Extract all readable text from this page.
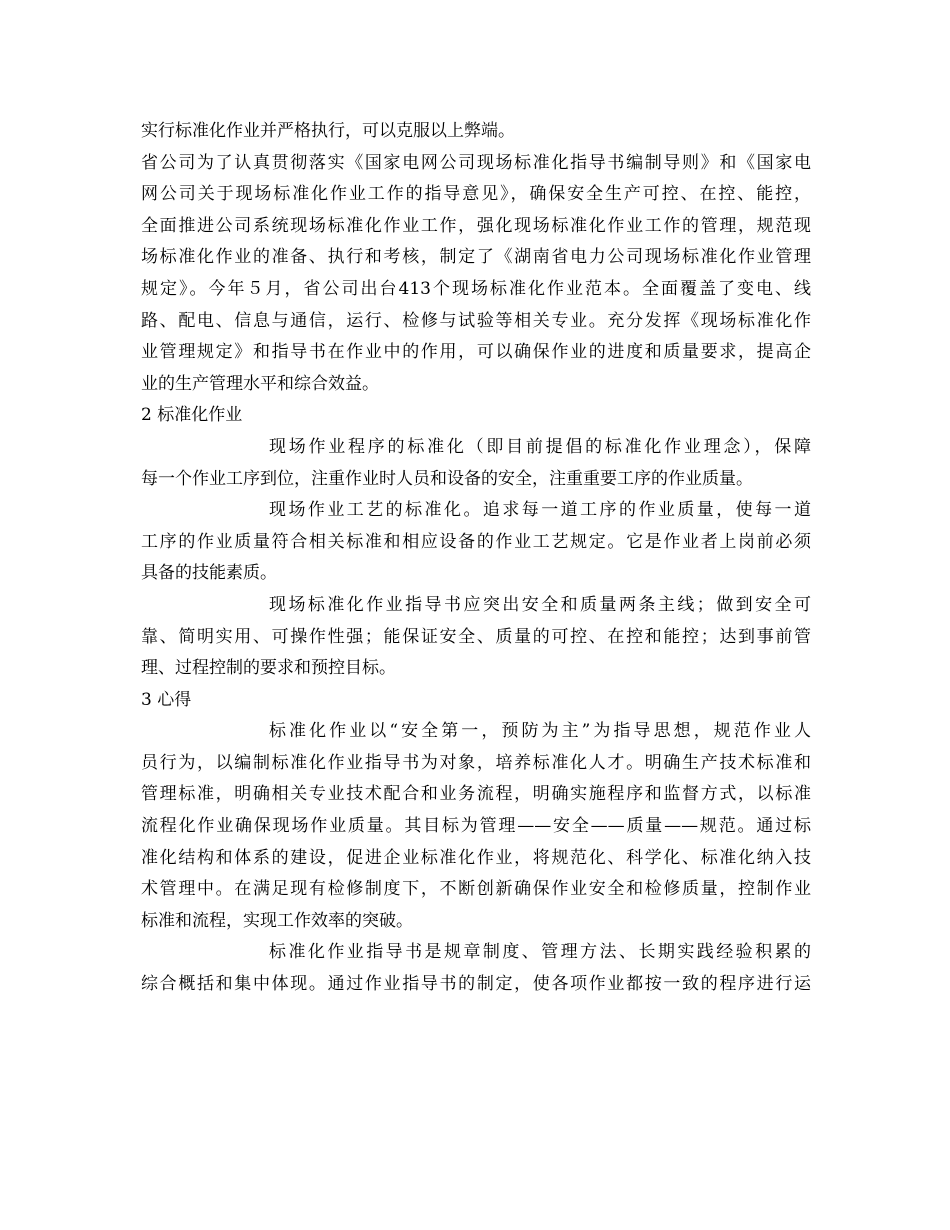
实行标准化作业并严格执行，可以克服以上弊端。
省公司为了认真贯彻落实《国家电网公司现场标准化指导书编制导则》和《国家电
网公司关于现场标准化作业工作的指导意见》，确保安全生产可控、在控、能控，
全面推进公司系统现场标准化作业工作，强化现场标准化作业工作的管理，规范现
场标准化作业的准备、执行和考核，制定了《湖南省电力公司现场标准化作业管理
规定》。今年５月，省公司出台413个现场标准化作业范本。全面覆盖了变电、线
路、配电、信息与通信，运行、检修与试验等相关专业。充分发挥《现场标准化作
业管理规定》和指导书在作业中的作用，可以确保作业的进度和质量要求，提高企
业的生产管理水平和综合效益。
2 标准化作业
现场作业程序的标准化（即目前提倡的标准化作业理念），保障
每一个作业工序到位，注重作业时人员和设备的安全，注重重要工序的作业质量。
现场作业工艺的标准化。追求每一道工序的作业质量，使每一道
工序的作业质量符合相关标准和相应设备的作业工艺规定。它是作业者上岗前必须
具备的技能素质。
现场标准化作业指导书应突出安全和质量两条主线；做到安全可
靠、简明实用、可操作性强；能保证安全、质量的可控、在控和能控；达到事前管
理、过程控制的要求和预控目标。
3 心得
标准化作业以“安全第一，预防为主”为指导思想，规范作业人
员行为，以编制标准化作业指导书为对象，培养标准化人才。明确生产技术标准和
管理标准，明确相关专业技术配合和业务流程，明确实施程序和监督方式，以标准
流程化作业确保现场作业质量。其目标为管理——安全——质量——规范。通过标
准化结构和体系的建设，促进企业标准化作业，将规范化、科学化、标准化纳入技
术管理中。在满足现有检修制度下，不断创新确保作业安全和检修质量，控制作业
标准和流程，实现工作效率的突破。
标准化作业指导书是规章制度、管理方法、长期实践经验积累的
综合概括和集中体现。通过作业指导书的制定，使各项作业都按一致的程序进行运
